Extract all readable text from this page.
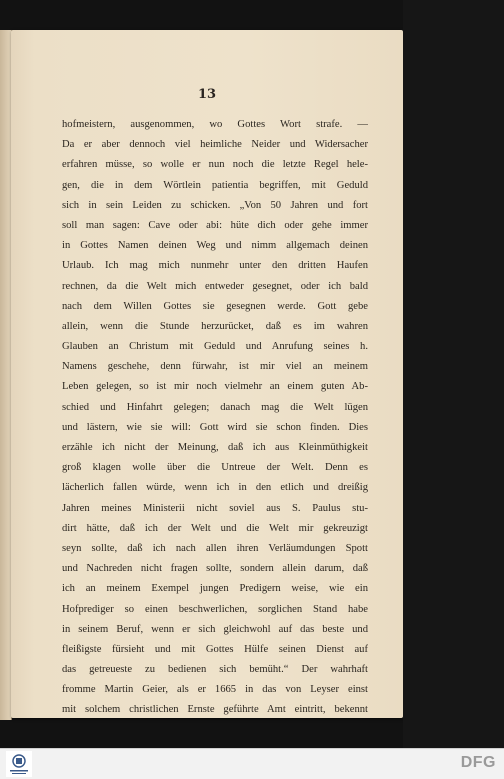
13

hofmeistern, ausgenommen, wo Gottes Wort strafe. —
Da er aber dennoch viel heimliche Neider und Widersacher
erfahren müsse, so wolle er nun noch die letzte Regel hele-
gen, die in dem Wörtlein patientia begriffen, mit Geduld
sich in sein Leiden zu schicken. „Von 50 Jahren und fort
soll man sagen: Cave oder abi: hüte dich oder gehe immer
in Gottes Namen deinen Weg und nimm allgemach deinen
Urlaub. Ich mag mich nunmehr unter den dritten Haufen
rechnen, da die Welt mich entweder gesegnet, oder ich bald
nach dem Willen Gottes sie gesegnen werde. Gott gebe
allein, wenn die Stunde herzurücket, daß es im wahren
Glauben an Christum mit Geduld und Anrufung seines h.
Namens geschehe, denn fürwahr, ist mir viel an meinem
Leben gelegen, so ist mir noch vielmehr an einem guten Ab-
schied und Hinfahrt gelegen; danach mag die Welt lügen
und lästern, wie sie will: Gott wird sie schon finden. Dies
erzähle ich nicht der Meinung, daß ich aus Kleinmüthigkeit
groß klagen wolle über die Untreue der Welt. Denn es
lächerlich fallen würde, wenn ich in den etlich und dreißig
Jahren meines Ministerii nicht soviel aus S. Paulus stu-
dirt hätte, daß ich der Welt und die Welt mir gekreuzigt
seyn sollte, daß ich nach allen ihren Verläumdungen Spott
und Nachreden nicht fragen sollte, sondern allein darum, daß
ich an meinem Exempel jungen Predigern weise, wie ein
Hofprediger so einen beschwerlichen, sorglichen Stand habe
in seinem Beruf, wenn er sich gleichwohl auf das beste und
fleißigste fürsieht und mit Gottes Hülfe seinen Dienst auf
das getreueste zu bedienen sich bemüht.“ Der wahrhaft
fromme Martin Geier, als er 1665 in das von Leyser einst
mit solchem christlichen Ernste geführte Amt eintritt, bekennt
DFG
